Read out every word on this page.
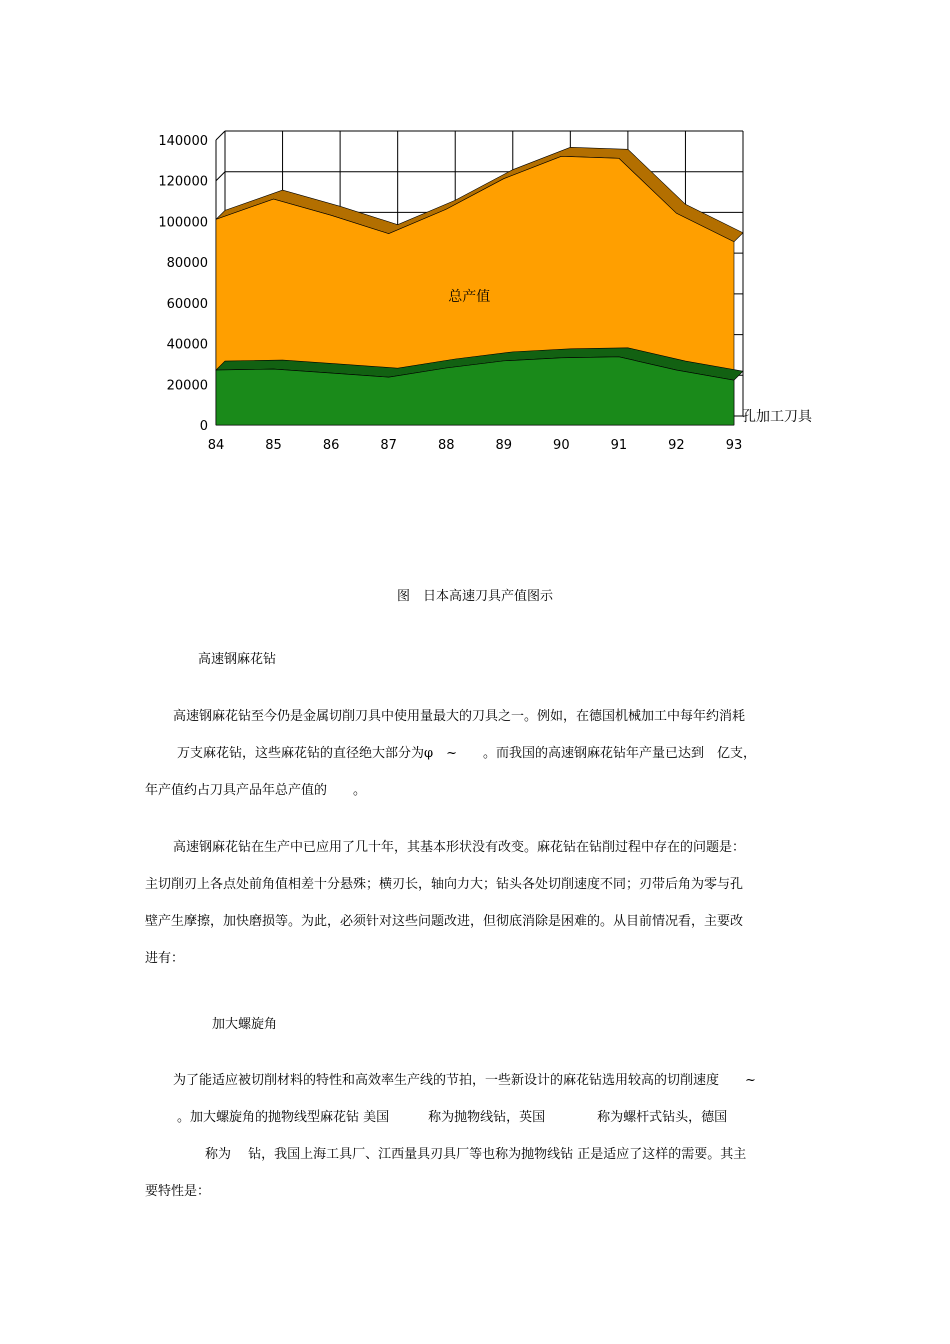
140000
120000
100000
80000
60000
40000
20000
0
84	85	86	87	88	89	90	91	92	93
孔加工刀具
总产值
图　日本高速刀具产值图示
高速钢麻花钻
高速钢麻花钻至今仍是金属切削刀具中使用量最大的刀具之一。例如，在德国机械加工中每年约消耗
万支麻花钻，这些麻花钻的直径绝大部分为φ　~　　。而我国的高速钢麻花钻年产量已达到　亿支，
年产值约占刀具产品年总产值的　　。
高速钢麻花钻在生产中已应用了几十年，其基本形状没有改变。麻花钻在钻削过程中存在的问题是：
主切削刃上各点处前角值相差十分悬殊；横刃长，轴向力大；钻头各处切削速度不同；刃带后角为零与孔
壁产生摩擦，加快磨损等。为此，必须针对这些问题改进，但彻底消除是困难的。从目前情况看，主要改
进有：
加大螺旋角
为了能适应被切削材料的特性和高效率生产线的节拍，一些新设计的麻花钻选用较高的切削速度　　~
。加大螺旋角的抛物线型麻花钻 美国　　　称为抛物线钻，英国　　　　称为螺杆式钻头，德国
称为　 钻，我国上海工具厂、江西量具刃具厂等也称为抛物线钻 正是适应了这样的需要。其主
要特性是：
